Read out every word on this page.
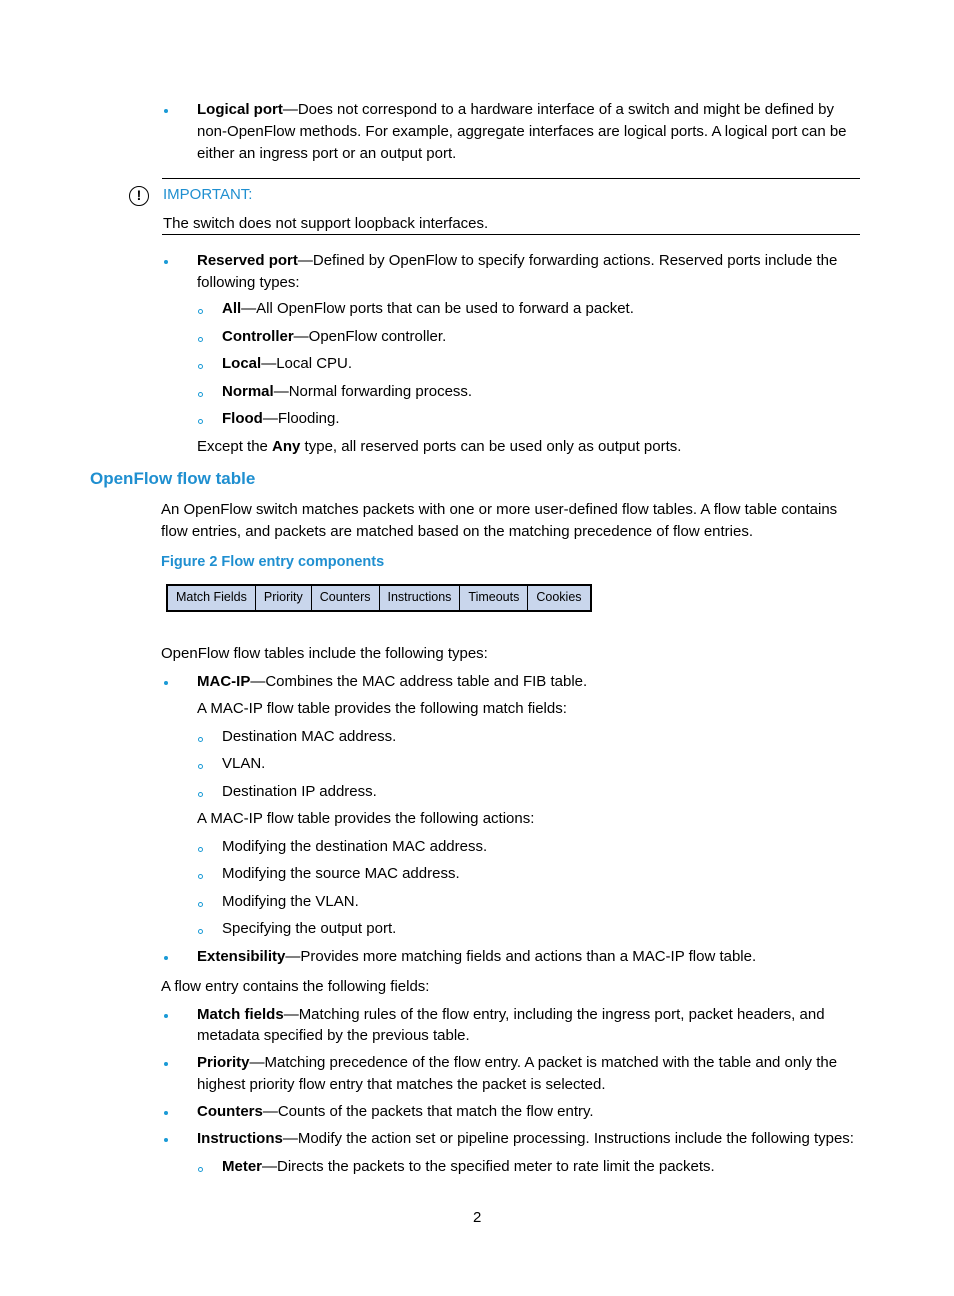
Logical port—Does not correspond to a hardware interface of a switch and might be defined by
non-OpenFlow methods. For example, aggregate interfaces are logical ports. A logical port can be
either an ingress port or an output port.
!	IMPORTANT:
The switch does not support loopback interfaces.
Reserved port—Defined by OpenFlow to specify forwarding actions. Reserved ports include the
following types:
All—All OpenFlow ports that can be used to forward a packet.
Controller—OpenFlow controller.
Local—Local CPU.
Normal—Normal forwarding process.
Flood—Flooding.
Except the Any type, all reserved ports can be used only as output ports.
OpenFlow flow table
An OpenFlow switch matches packets with one or more user-defined flow tables. A flow table contains
flow entries, and packets are matched based on the matching precedence of flow entries.
Figure 2 Flow entry components
Match Fields	Priority	Counters	Instructions	Timeouts	Cookies
OpenFlow flow tables include the following types:
MAC-IP—Combines the MAC address table and FIB table.
A MAC-IP flow table provides the following match fields:
Destination MAC address.
VLAN.
Destination IP address.
A MAC-IP flow table provides the following actions:
Modifying the destination MAC address.
Modifying the source MAC address.
Modifying the VLAN.
Specifying the output port.
Extensibility—Provides more matching fields and actions than a MAC-IP flow table.
A flow entry contains the following fields:
Match fields—Matching rules of the flow entry, including the ingress port, packet headers, and
metadata specified by the previous table.
Priority—Matching precedence of the flow entry. A packet is matched with the table and only the
highest priority flow entry that matches the packet is selected.
Counters—Counts of the packets that match the flow entry.
Instructions—Modify the action set or pipeline processing. Instructions include the following types:
Meter—Directs the packets to the specified meter to rate limit the packets.
2
